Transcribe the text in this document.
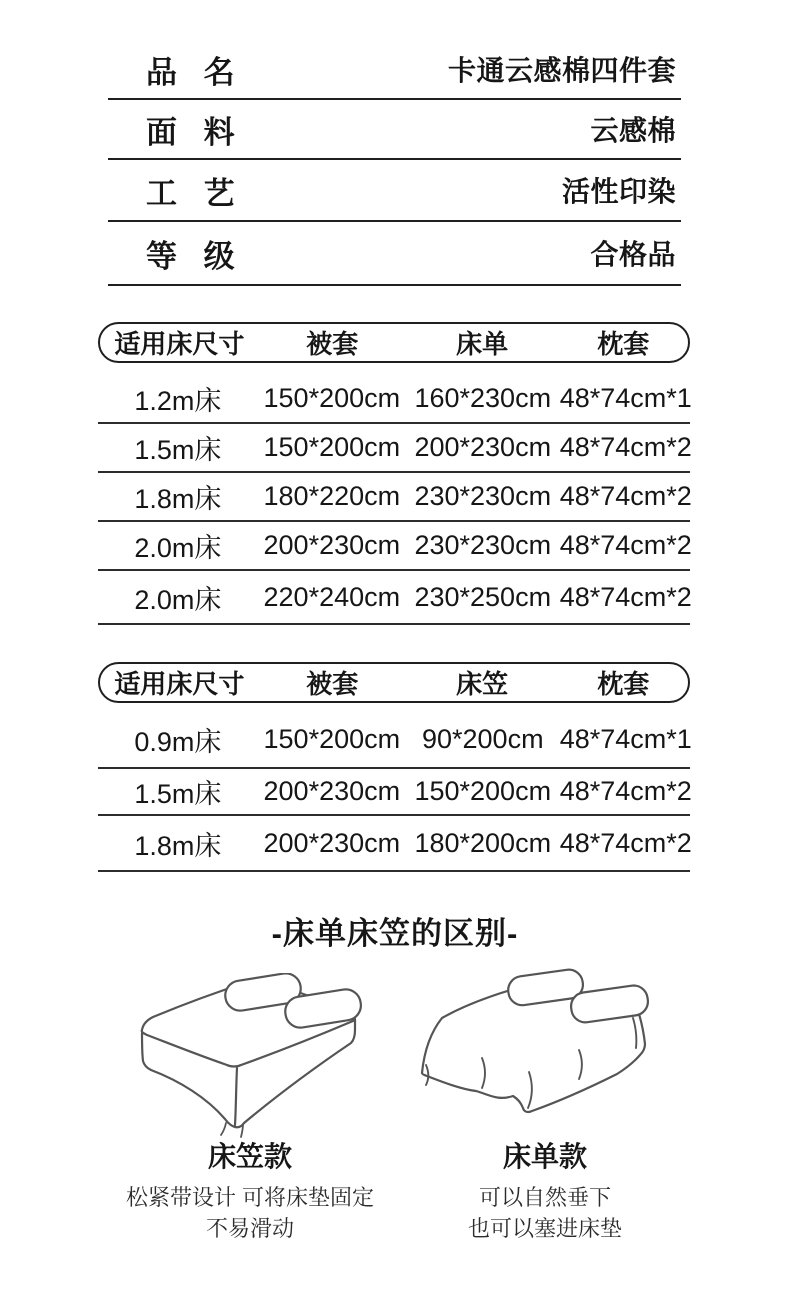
品 名	卡通云感棉四件套
面 料	云感棉
工 艺	活性印染
等 级	合格品
适用床尺寸	被套	床单	枕套
1.2m床	150*200cm 160*230cm 48*74cm*1
1.5m床	150*200cm 200*230cm 48*74cm*2
1.8m床	180*220cm 230*230cm 48*74cm*2
2.0m床	200*230cm 230*230cm 48*74cm*2
2.0m床	220*240cm 230*250cm 48*74cm*2
适用床尺寸	被套	床笠	枕套
0.9m床	150*200cm 90*200cm 48*74cm*1
1.5m床	200*230cm 150*200cm 48*74cm*2
1.8m床	200*230cm 180*200cm 48*74cm*2
-床单床笠的区别-
床笠款
松紧带设计 可将床垫固定
不易滑动
床单款
可以自然垂下
也可以塞进床垫
